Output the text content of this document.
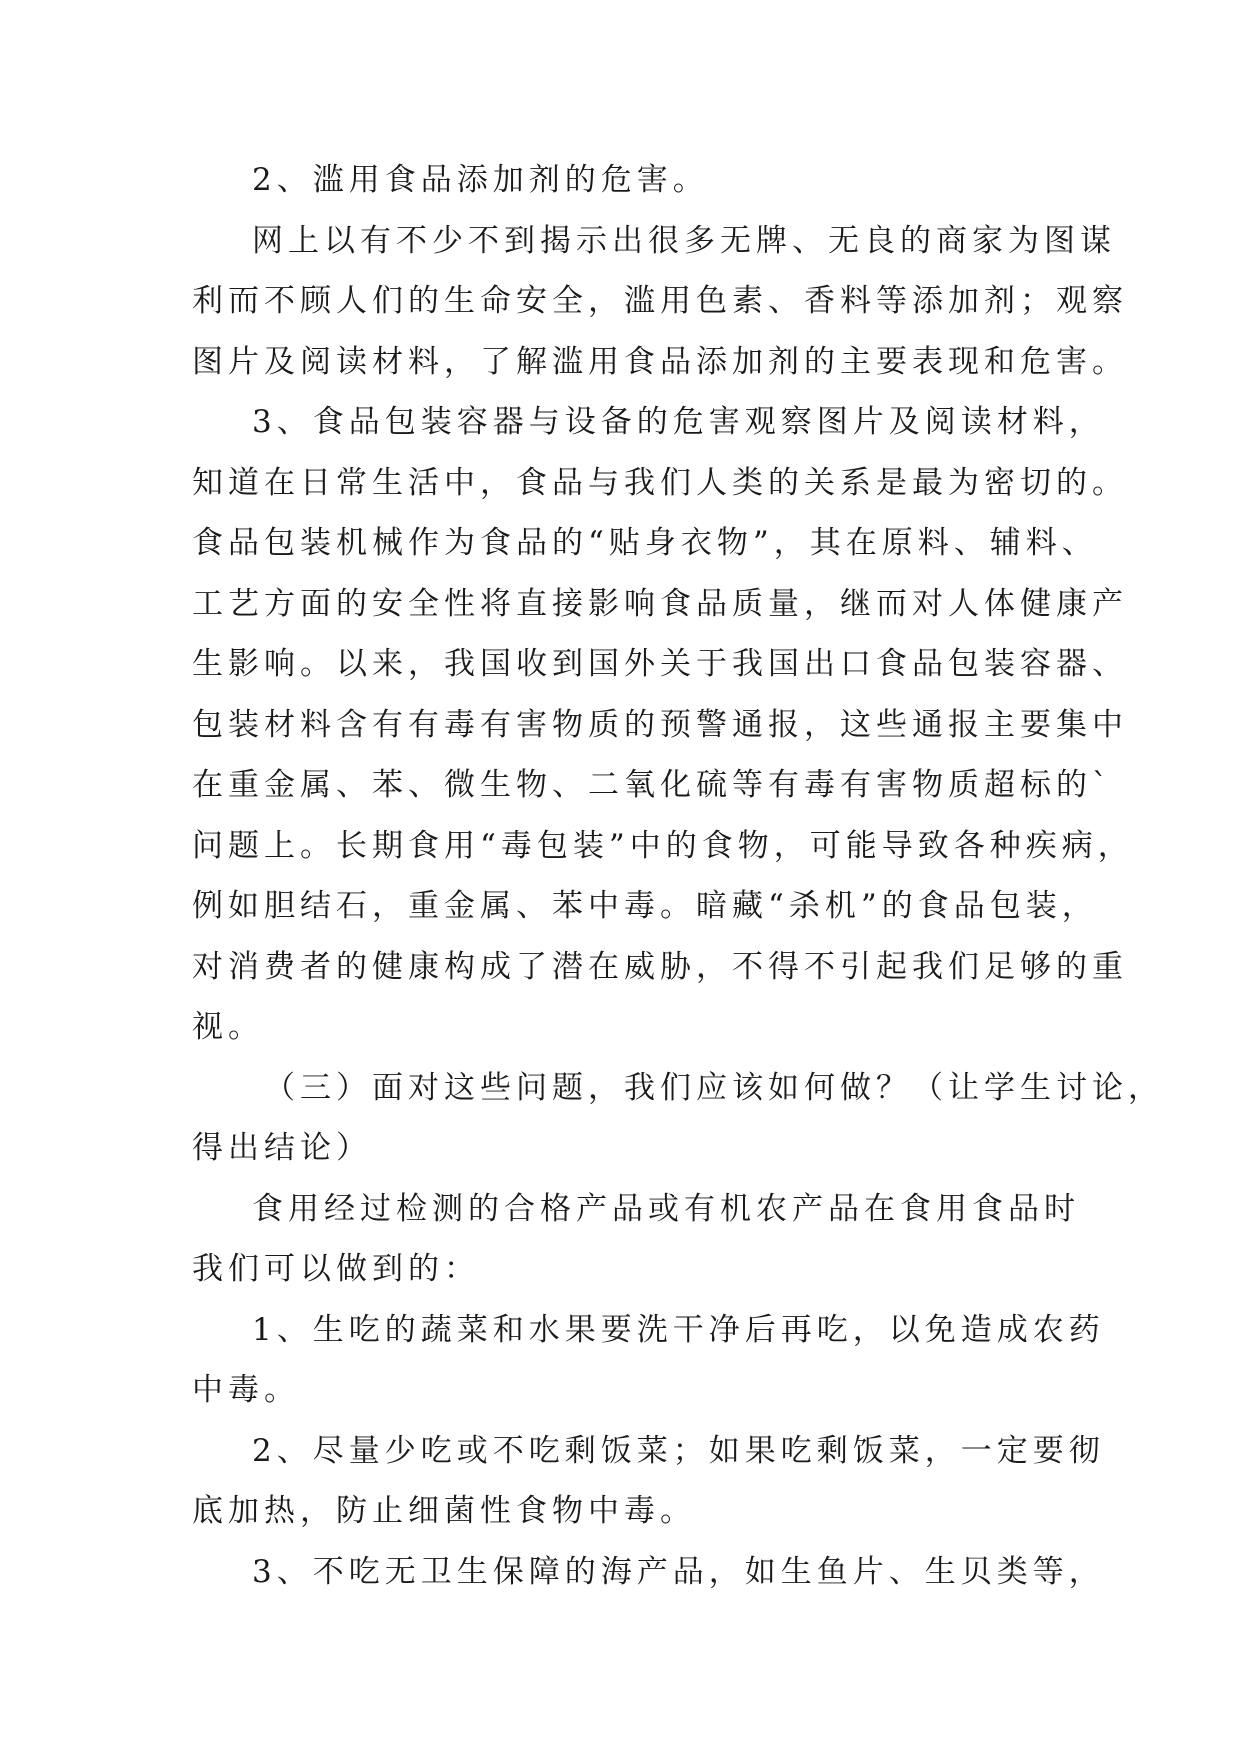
2、滥用食品添加剂的危害。
网上以有不少不到揭示出很多无牌、无良的商家为图谋
利而不顾人们的生命安全，滥用色素、香料等添加剂；观察
图片及阅读材料，了解滥用食品添加剂的主要表现和危害。
3、食品包装容器与设备的危害观察图片及阅读材料，
知道在日常生活中，食品与我们人类的关系是最为密切的。
食品包装机械作为食品的“贴身衣物”，其在原料、辅料、
工艺方面的安全性将直接影响食品质量，继而对人体健康产
生影响。以来，我国收到国外关于我国出口食品包装容器、
包装材料含有有毒有害物质的预警通报，这些通报主要集中
在重金属、苯、微生物、二氧化硫等有毒有害物质超标的`
问题上。长期食用“毒包装”中的食物，可能导致各种疾病，
例如胆结石，重金属、苯中毒。暗藏“杀机”的食品包装，
对消费者的健康构成了潜在威胁，不得不引起我们足够的重
视。
（三）面对这些问题，我们应该如何做？（让学生讨论，
得出结论）
食用经过检测的合格产品或有机农产品在食用食品时
我们可以做到的：
1、生吃的蔬菜和水果要洗干净后再吃，以免造成农药
中毒。
2、尽量少吃或不吃剩饭菜；如果吃剩饭菜，一定要彻
底加热，防止细菌性食物中毒。
3、不吃无卫生保障的海产品，如生鱼片、生贝类等，
